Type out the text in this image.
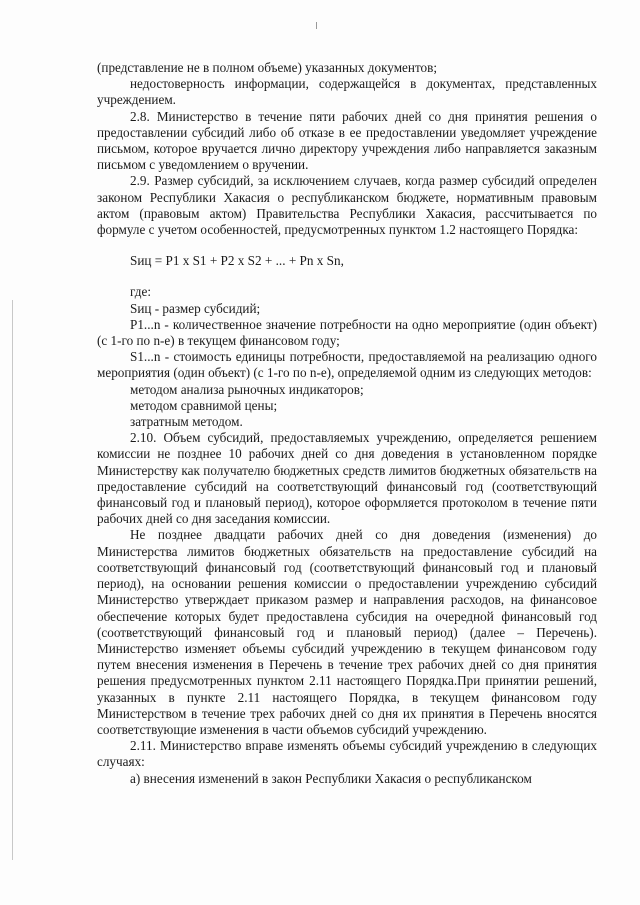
(представление не в полном объеме) указанных документов;

недостоверность информации, содержащейся в документах, представленных учреждением.

2.8. Министерство в течение пяти рабочих дней со дня принятия решения о предоставлении субсидий либо об отказе в ее предоставлении уведомляет учреждение письмом, которое вручается лично директору учреждения либо направляется заказным письмом с уведомлением о вручении.

2.9. Размер субсидий, за исключением случаев, когда размер субсидий определен законом Республики Хакасия о республиканском бюджете, нормативным правовым актом (правовым актом) Правительства Республики Хакасия, рассчитывается по формуле с учетом особенностей, предусмотренных пунктом 1.2 настоящего Порядка:

Sиц = P1 x S1 + P2 x S2 + ... + Pn x Sn,

где:

Sиц - размер субсидий;

P1...n - количественное значение потребности на одно мероприятие (один объект) (с 1-го по n-е) в текущем финансовом году;

S1...n - стоимость единицы потребности, предоставляемой на реализацию одного мероприятия (один объект) (с 1-го по n-е), определяемой одним из следующих методов:

методом анализа рыночных индикаторов;

методом сравнимой цены;

затратным методом.

2.10. Объем субсидий, предоставляемых учреждению, определяется решением комиссии не позднее 10 рабочих дней со дня доведения в установленном порядке Министерству как получателю бюджетных средств лимитов бюджетных обязательств на предоставление субсидий на соответствующий финансовый год (соответствующий финансовый год и плановый период), которое оформляется протоколом в течение пяти рабочих дней со дня заседания комиссии.

Не позднее двадцати рабочих дней со дня доведения (изменения) до Министерства лимитов бюджетных обязательств на предоставление субсидий на соответствующий финансовый год (соответствующий финансовый год и плановый период), на основании решения комиссии о предоставлении учреждению субсидий Министерство утверждает приказом размер и направления расходов, на финансовое обеспечение которых будет предоставлена субсидия на очередной финансовый год (соответствующий финансовый год и плановый период) (далее – Перечень). Министерство изменяет объемы субсидий учреждению в текущем финансовом году путем внесения изменения в Перечень в течение трех рабочих дней со дня принятия решения предусмотренных пунктом 2.11 настоящего Порядка.При принятии решений, указанных в пункте 2.11 настоящего Порядка, в текущем финансовом году Министерством в течение трех рабочих дней со дня их принятия в Перечень вносятся соответствующие изменения в части объемов субсидий учреждению.

2.11. Министерство вправе изменять объемы субсидий учреждению в следующих случаях:

а) внесения изменений в закон Республики Хакасия о республиканском
